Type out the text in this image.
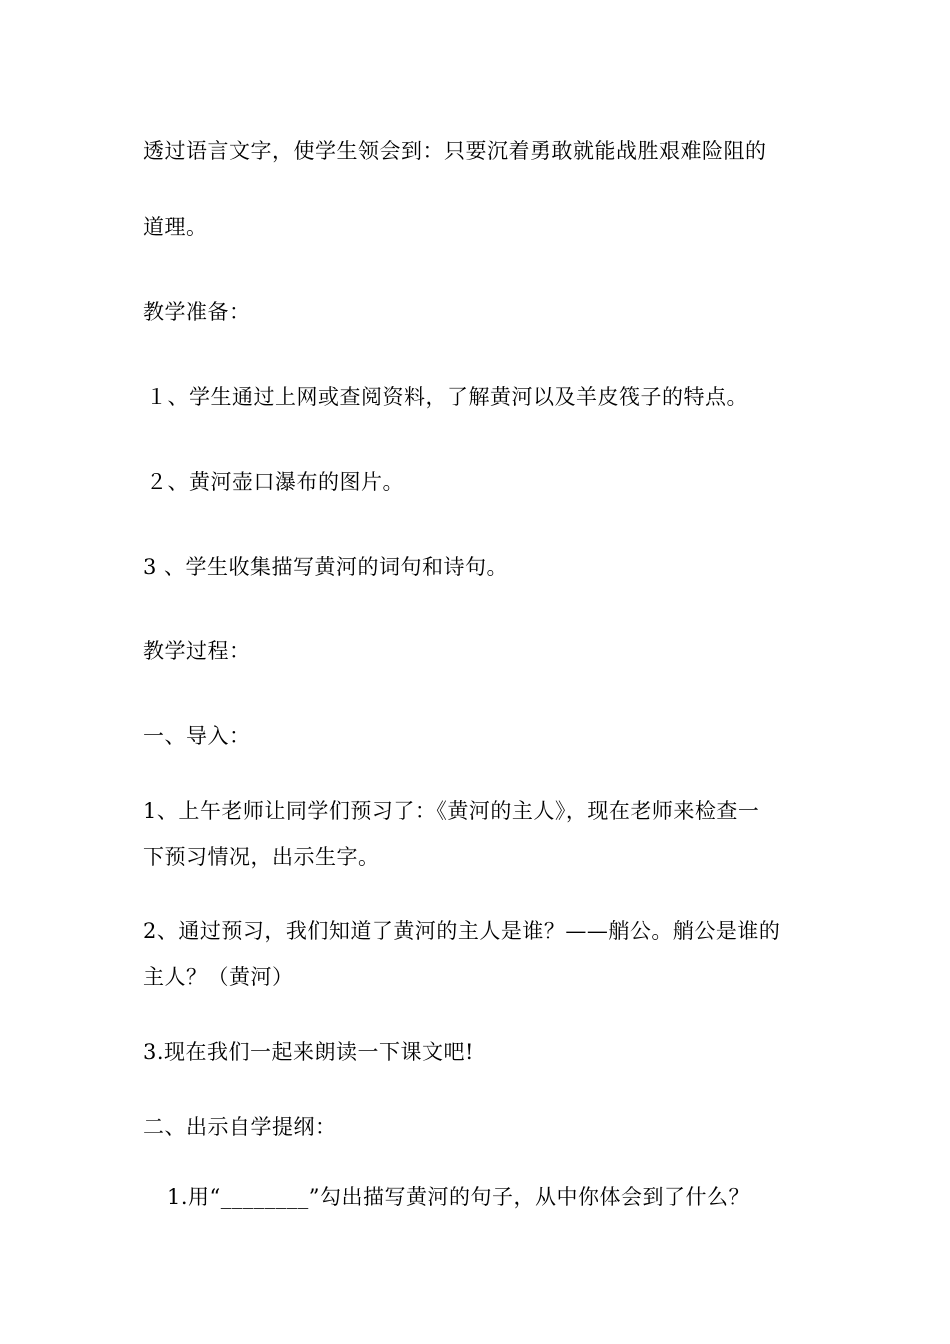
透过语言文字，使学生领会到：只要沉着勇敢就能战胜艰难险阻的
道理。
教学准备：
１、学生通过上网或查阅资料，了解黄河以及羊皮筏子的特点。
２、黄河壶口瀑布的图片。
3 、学生收集描写黄河的词句和诗句。
教学过程：
一、导入：
1、上午老师让同学们预习了：《黄河的主人》，现在老师来检查一
下预习情况，出示生字。
2、通过预习，我们知道了黄河的主人是谁？——艄公。艄公是谁的
主人？（黄河）
3.现在我们一起来朗读一下课文吧!
二、出示自学提纲：
1.用“________”勾出描写黄河的句子，从中你体会到了什么？
